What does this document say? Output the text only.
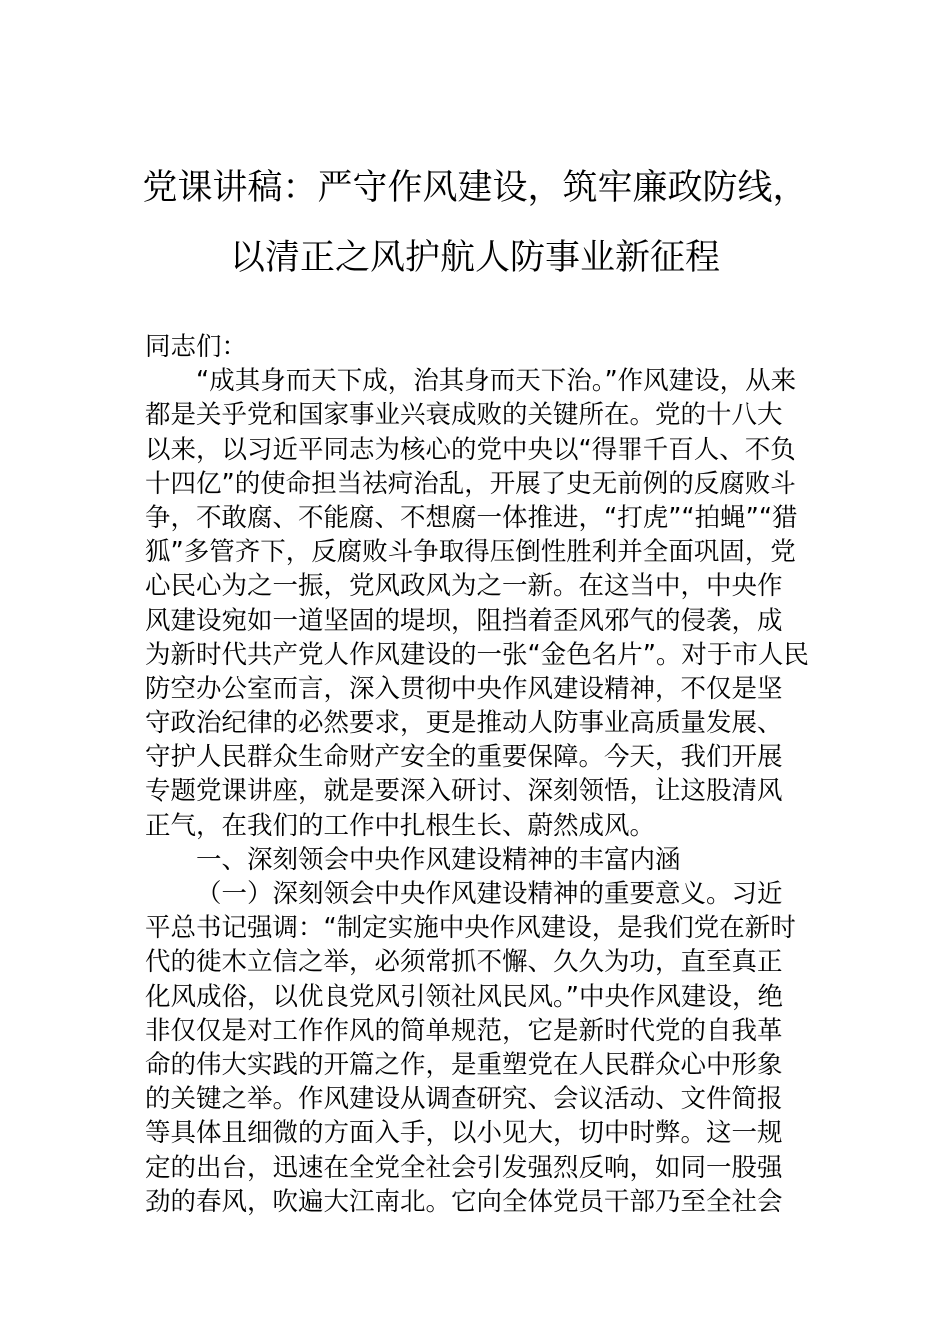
党课讲稿：严守作风建设，筑牢廉政防线，
以清正之风护航人防事业新征程
同志们：
“成其身而天下成，治其身而天下治。”作风建设，从来
都是关乎党和国家事业兴衰成败的关键所在。党的十八大
以来，以习近平同志为核心的党中央以“得罪千百人、不负
十四亿”的使命担当祛疴治乱，开展了史无前例的反腐败斗
争，不敢腐、不能腐、不想腐一体推进，“打虎”“拍蝇”“猎
狐”多管齐下，反腐败斗争取得压倒性胜利并全面巩固，党
心民心为之一振，党风政风为之一新。在这当中，中央作
风建设宛如一道坚固的堤坝，阻挡着歪风邪气的侵袭，成
为新时代共产党人作风建设的一张“金色名片”。对于市人民
防空办公室而言，深入贯彻中央作风建设精神，不仅是坚
守政治纪律的必然要求，更是推动人防事业高质量发展、
守护人民群众生命财产安全的重要保障。今天，我们开展
专题党课讲座，就是要深入研讨、深刻领悟，让这股清风
正气，在我们的工作中扎根生长、蔚然成风。
一、深刻领会中央作风建设精神的丰富内涵
（一）深刻领会中央作风建设精神的重要意义。习近
平总书记强调：“制定实施中央作风建设，是我们党在新时
代的徙木立信之举，必须常抓不懈、久久为功，直至真正
化风成俗，以优良党风引领社风民风。”中央作风建设，绝
非仅仅是对工作作风的简单规范，它是新时代党的自我革
命的伟大实践的开篇之作，是重塑党在人民群众心中形象
的关键之举。作风建设从调查研究、会议活动、文件简报
等具体且细微的方面入手，以小见大，切中时弊。这一规
定的出台，迅速在全党全社会引发强烈反响，如同一股强
劲的春风，吹遍大江南北。它向全体党员干部乃至全社会
